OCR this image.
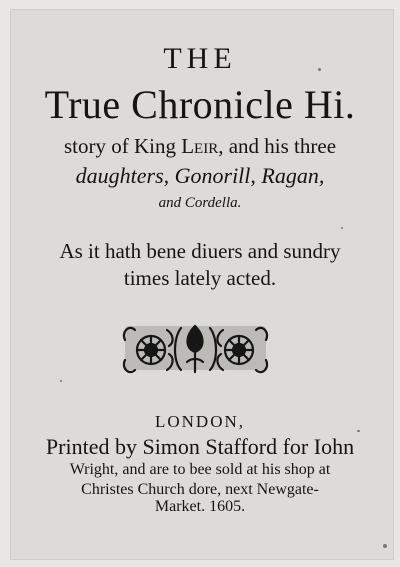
THE
True Chronicle Hi.
story of King Leir, and his three
daughters, Gonorill, Ragan,
and Cordella.
As it hath bene diuers and sundry
times lately acted.
LONDON,
Printed by Simon Stafford for Iohn
Wright, and are to bee sold at his shop at
Christes Church dore, next Newgate-
Market. 1605.
